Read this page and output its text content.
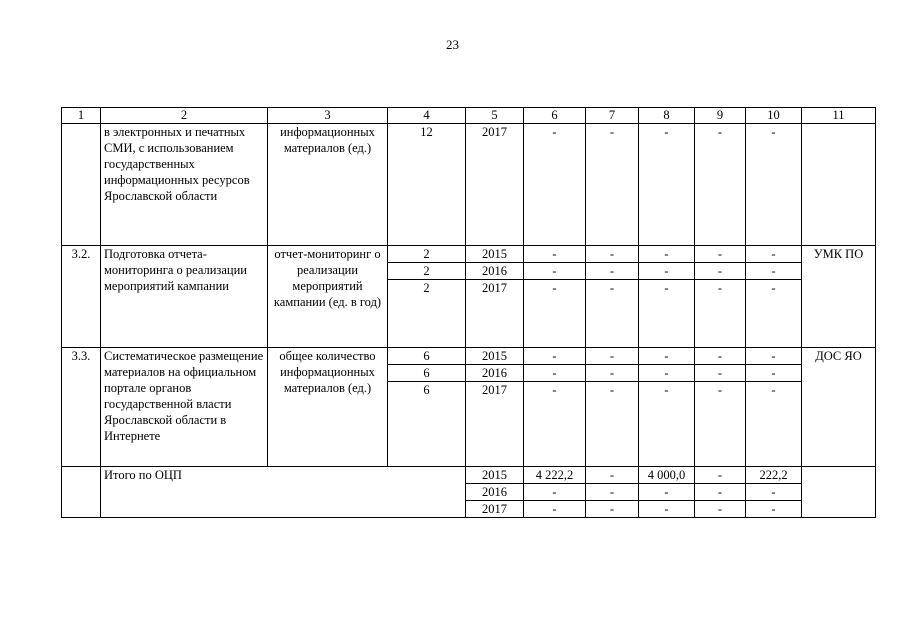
23
1	2	3	4	5	6	7	8	9	10	11
	в электронных и печатных СМИ, с использованием государственных информационных ресурсов Ярославской области	информационных материалов (ед.)	12	2017	-	-	-	-	-	
3.2.	Подготовка отчета-мониторинга о реализации мероприятий кампании	отчет-мониторинг о реализации мероприятий кампании (ед. в год)	2	2015	-	-	-	-	-	УМК ПО
			2	2016	-	-	-	-	-	
			2	2017	-	-	-	-	-	
3.3.	Систематическое размещение материалов на официальном портале органов государственной власти Ярославской области в Интернете	общее количество информационных материалов (ед.)	6	2015	-	-	-	-	-	ДОС ЯО
			6	2016	-	-	-	-	-	
			6	2017	-	-	-	-	-	
	Итого по ОЦП			2015	4 222,2	-	4 000,0	-	222,2	
				2016	-	-	-	-	-	
				2017	-	-	-	-	-	
